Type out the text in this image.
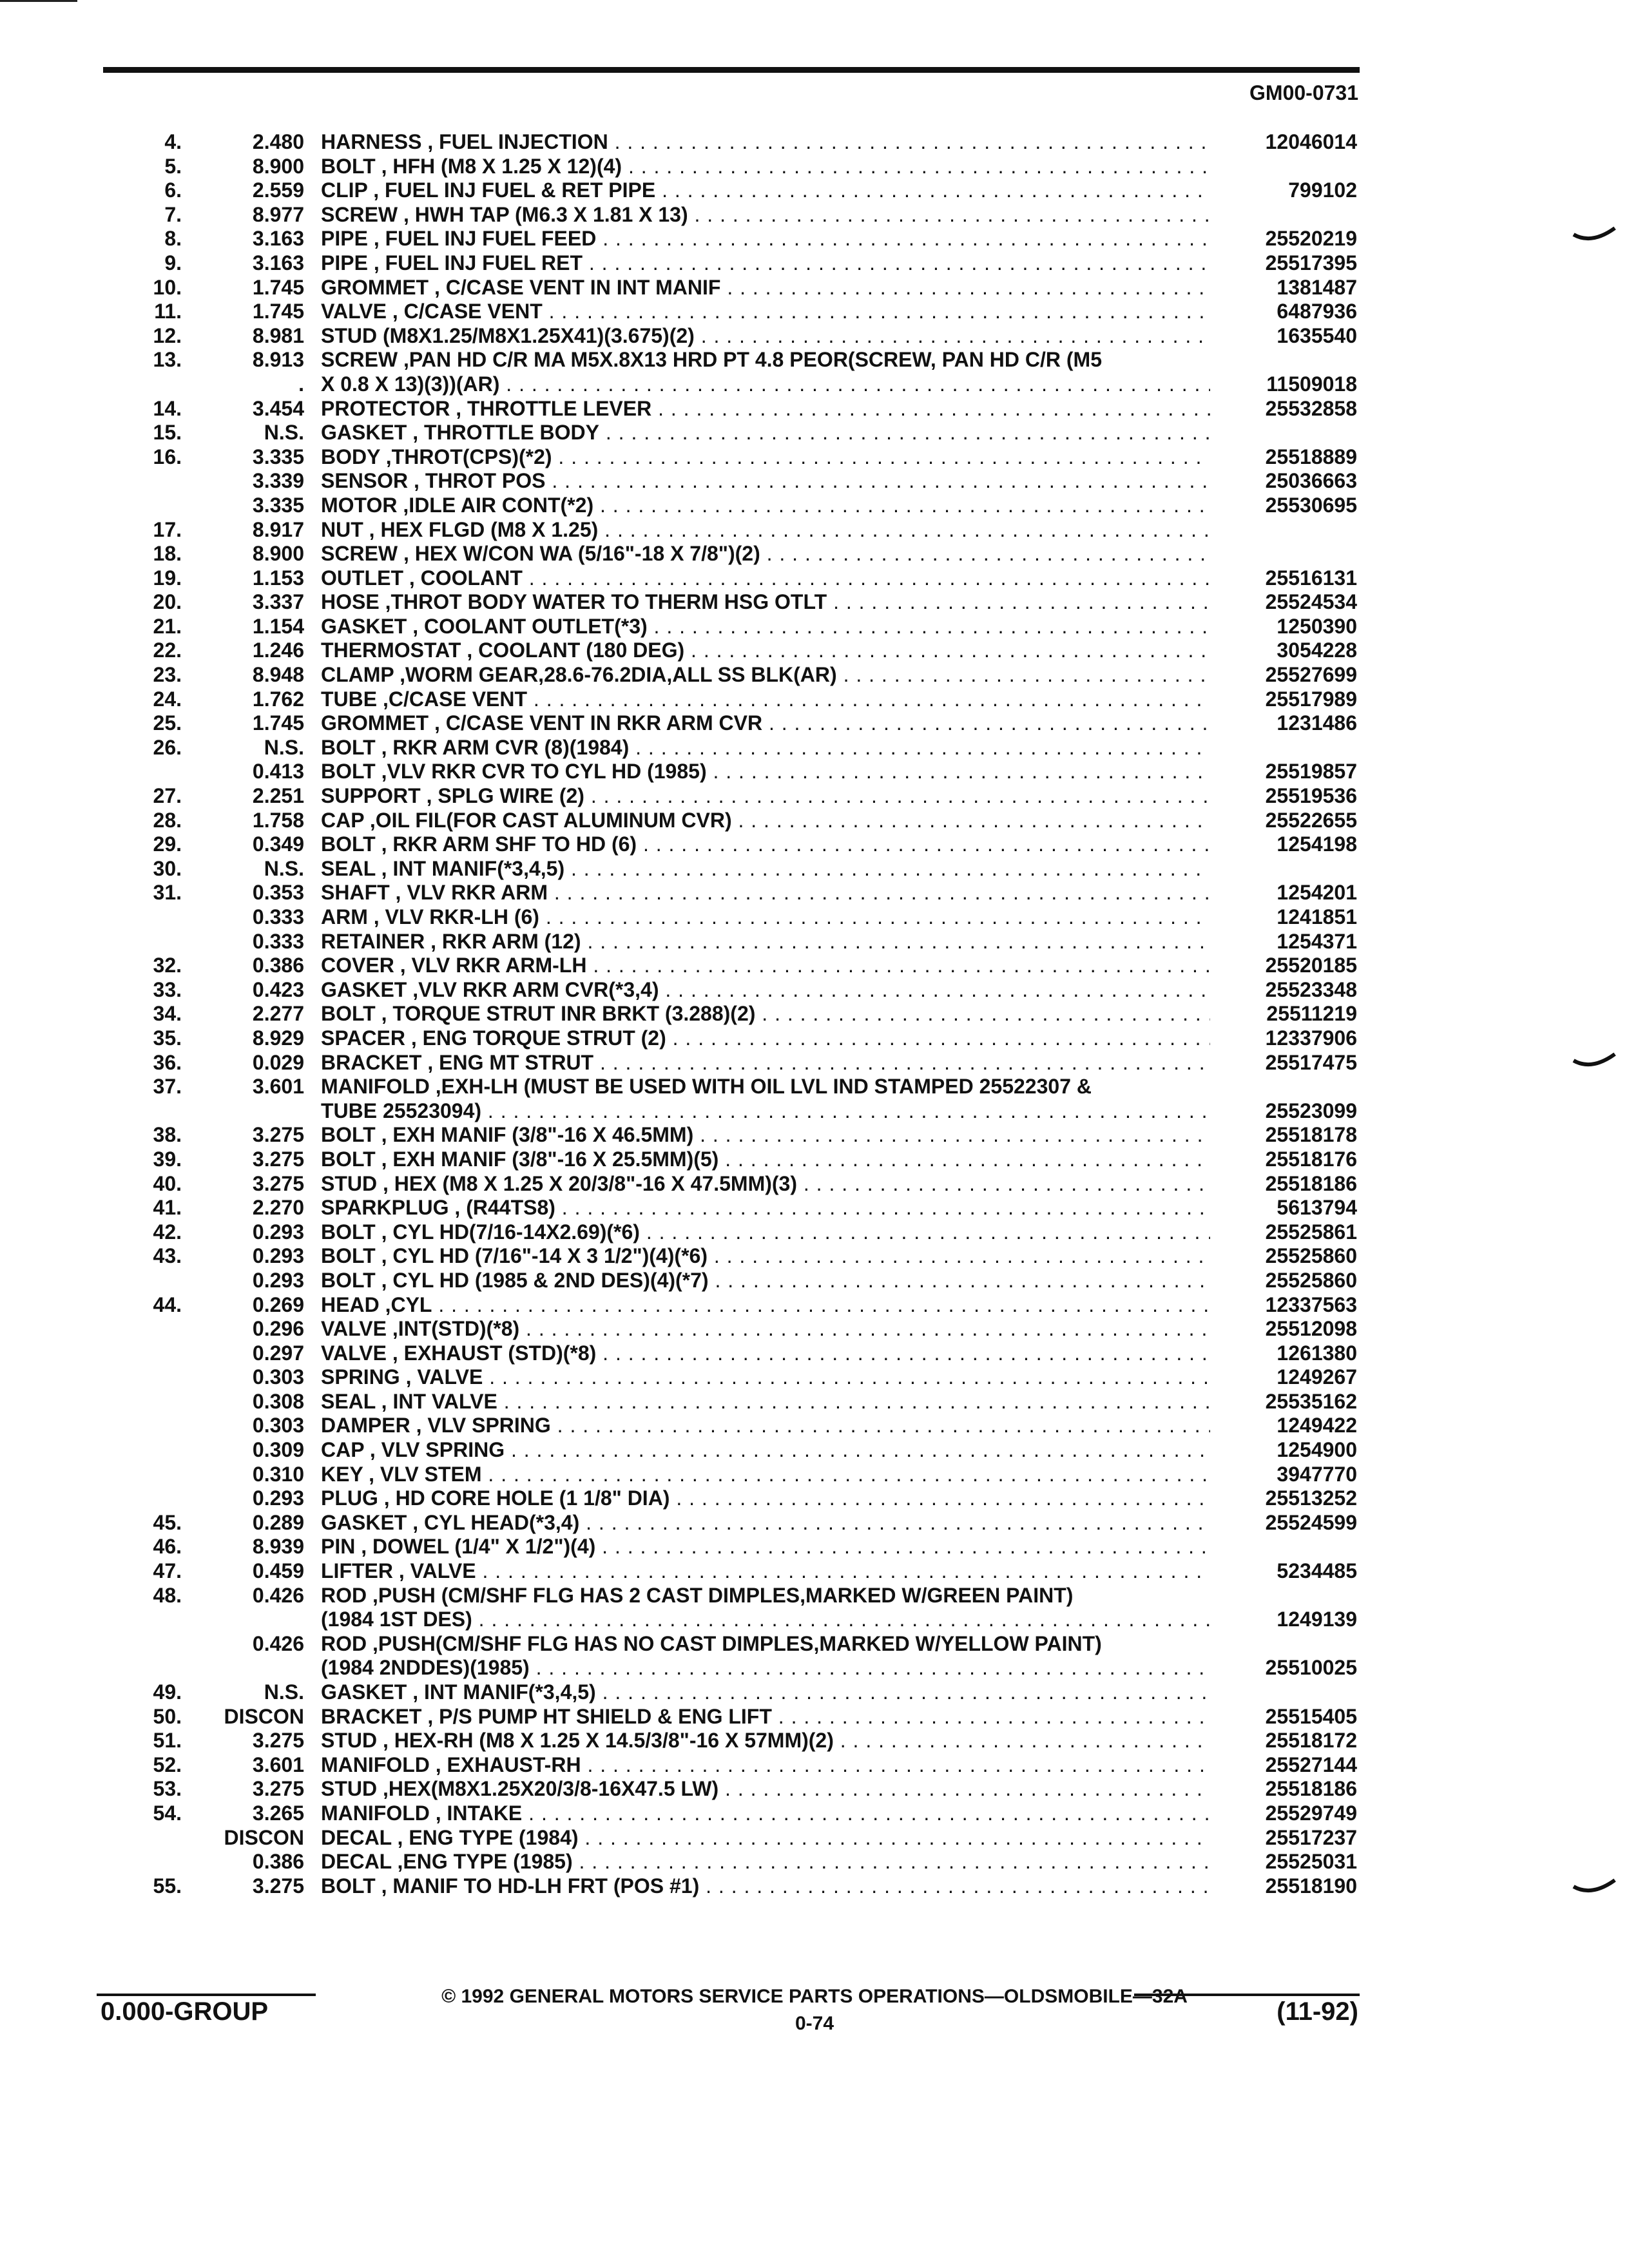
GM00-0731
4.	2.480 HARNESS , FUEL INJECTION . . .	12046014
5.	8.900 BOLT , HFH (M8 X 1.25 X 12)(4) . . .
6.	2.559 CLIP , FUEL INJ FUEL & RET PIPE . . .	799102
7.	8.977 SCREW , HWH TAP (M6.3 X 1.81 X 13) . . .
8.	3.163 PIPE , FUEL INJ FUEL FEED . . .	25520219
9.	3.163 PIPE , FUEL INJ FUEL RET . . .	25517395
10.	1.745 GROMMET , C/CASE VENT IN INT MANIF . . .	1381487
11.	1.745 VALVE , C/CASE VENT . . .	6487936
12.	8.981 STUD (M8X1.25/M8X1.25X41)(3.675)(2) . . .	1635540
13.	8.913 SCREW ,PAN HD C/R MA M5X.8X13 HRD PT 4.8 PEOR(SCREW, PAN HD C/R (M5
. X 0.8 X 13)(3))(AR) . . .	11509018
14.	3.454 PROTECTOR , THROTTLE LEVER . . .	25532858
15.	N.S. GASKET , THROTTLE BODY . . .
16.	3.335 BODY ,THROT(CPS)(*2) . . .	25518889
3.339 SENSOR , THROT POS . . .	25036663
3.335 MOTOR ,IDLE AIR CONT(*2) . . .	25530695
17.	8.917 NUT , HEX FLGD (M8 X 1.25) . . .
18.	8.900 SCREW , HEX W/CON WA (5/16"-18 X 7/8")(2) . . .
19.	1.153 OUTLET , COOLANT . . .	25516131
20.	3.337 HOSE ,THROT BODY WATER TO THERM HSG OTLT . . .	25524534
21.	1.154 GASKET , COOLANT OUTLET(*3) . . .	1250390
22.	1.246 THERMOSTAT , COOLANT (180 DEG) . . .	3054228
23.	8.948 CLAMP ,WORM GEAR,28.6-76.2DIA,ALL SS BLK(AR) . . .	25527699
24.	1.762 TUBE ,C/CASE VENT . . .	25517989
25.	1.745 GROMMET , C/CASE VENT IN RKR ARM CVR . . .	1231486
26.	N.S. BOLT , RKR ARM CVR (8)(1984) . . .
0.413 BOLT ,VLV RKR CVR TO CYL HD (1985) . . .	25519857
27.	2.251 SUPPORT , SPLG WIRE (2) . . .	25519536
28.	1.758 CAP ,OIL FIL(FOR CAST ALUMINUM CVR) . . .	25522655
29.	0.349 BOLT , RKR ARM SHF TO HD (6) . . .	1254198
30.	N.S. SEAL , INT MANIF(*3,4,5) . . .
31.	0.353 SHAFT , VLV RKR ARM . . .	1254201
0.333 ARM , VLV RKR-LH (6) . . .	1241851
0.333 RETAINER , RKR ARM (12) . . .	1254371
32.	0.386 COVER , VLV RKR ARM-LH . . .	25520185
33.	0.423 GASKET ,VLV RKR ARM CVR(*3,4) . . .	25523348
34.	2.277 BOLT , TORQUE STRUT INR BRKT (3.288)(2) . . .	25511219
35.	8.929 SPACER , ENG TORQUE STRUT (2) . . .	12337906
36.	0.029 BRACKET , ENG MT STRUT . . .	25517475
37.	3.601 MANIFOLD ,EXH-LH (MUST BE USED WITH OIL LVL IND STAMPED 25522307 &
TUBE 25523094) . . .	25523099
38.	3.275 BOLT , EXH MANIF (3/8"-16 X 46.5MM) . . .	25518178
39.	3.275 BOLT , EXH MANIF (3/8"-16 X 25.5MM)(5) . . .	25518176
40.	3.275 STUD , HEX (M8 X 1.25 X 20/3/8"-16 X 47.5MM)(3) . . .	25518186
41.	2.270 SPARKPLUG , (R44TS8) . . .	5613794
42.	0.293 BOLT , CYL HD(7/16-14X2.69)(*6) . . .	25525861
43.	0.293 BOLT , CYL HD (7/16"-14 X 3 1/2")(4)(*6) . . .	25525860
0.293 BOLT , CYL HD (1985 & 2ND DES)(4)(*7) . . .	25525860
44.	0.269 HEAD ,CYL . . .	12337563
0.296 VALVE ,INT(STD)(*8) . . .	25512098
0.297 VALVE , EXHAUST (STD)(*8) . . .	1261380
0.303 SPRING , VALVE . . .	1249267
0.308 SEAL , INT VALVE . . .	25535162
0.303 DAMPER , VLV SPRING . . .	1249422
0.309 CAP , VLV SPRING . . .	1254900
0.310 KEY , VLV STEM . . .	3947770
0.293 PLUG , HD CORE HOLE (1 1/8" DIA) . . .	25513252
45.	0.289 GASKET , CYL HEAD(*3,4) . . .	25524599
46.	8.939 PIN , DOWEL (1/4" X 1/2")(4) . . .
47.	0.459 LIFTER , VALVE . . .	5234485
48.	0.426 ROD ,PUSH (CM/SHF FLG HAS 2 CAST DIMPLES,MARKED W/GREEN PAINT)
(1984 1ST DES) . . .	1249139
0.426 ROD ,PUSH(CM/SHF FLG HAS NO CAST DIMPLES,MARKED W/YELLOW PAINT)
(1984 2NDDES)(1985) . . .	25510025
49.	N.S. GASKET , INT MANIF(*3,4,5) . . .
50. DISCON BRACKET , P/S PUMP HT SHIELD & ENG LIFT . . .	25515405
51.	3.275 STUD , HEX-RH (M8 X 1.25 X 14.5/3/8"-16 X 57MM)(2) . . .	25518172
52.	3.601 MANIFOLD , EXHAUST-RH . . .	25527144
53.	3.275 STUD ,HEX(M8X1.25X20/3/8-16X47.5 LW) . . .	25518186
54.	3.265 MANIFOLD , INTAKE . . .	25529749
DISCON DECAL , ENG TYPE (1984) . . .	25517237
0.386 DECAL ,ENG TYPE (1985) . . .	25525031
55.	3.275 BOLT , MANIF TO HD-LH FRT (POS #1) . . .	25518190
0.000-GROUP
© 1992 GENERAL MOTORS SERVICE PARTS OPERATIONS—OLDSMOBILE—32A
0-74	(11-92)
